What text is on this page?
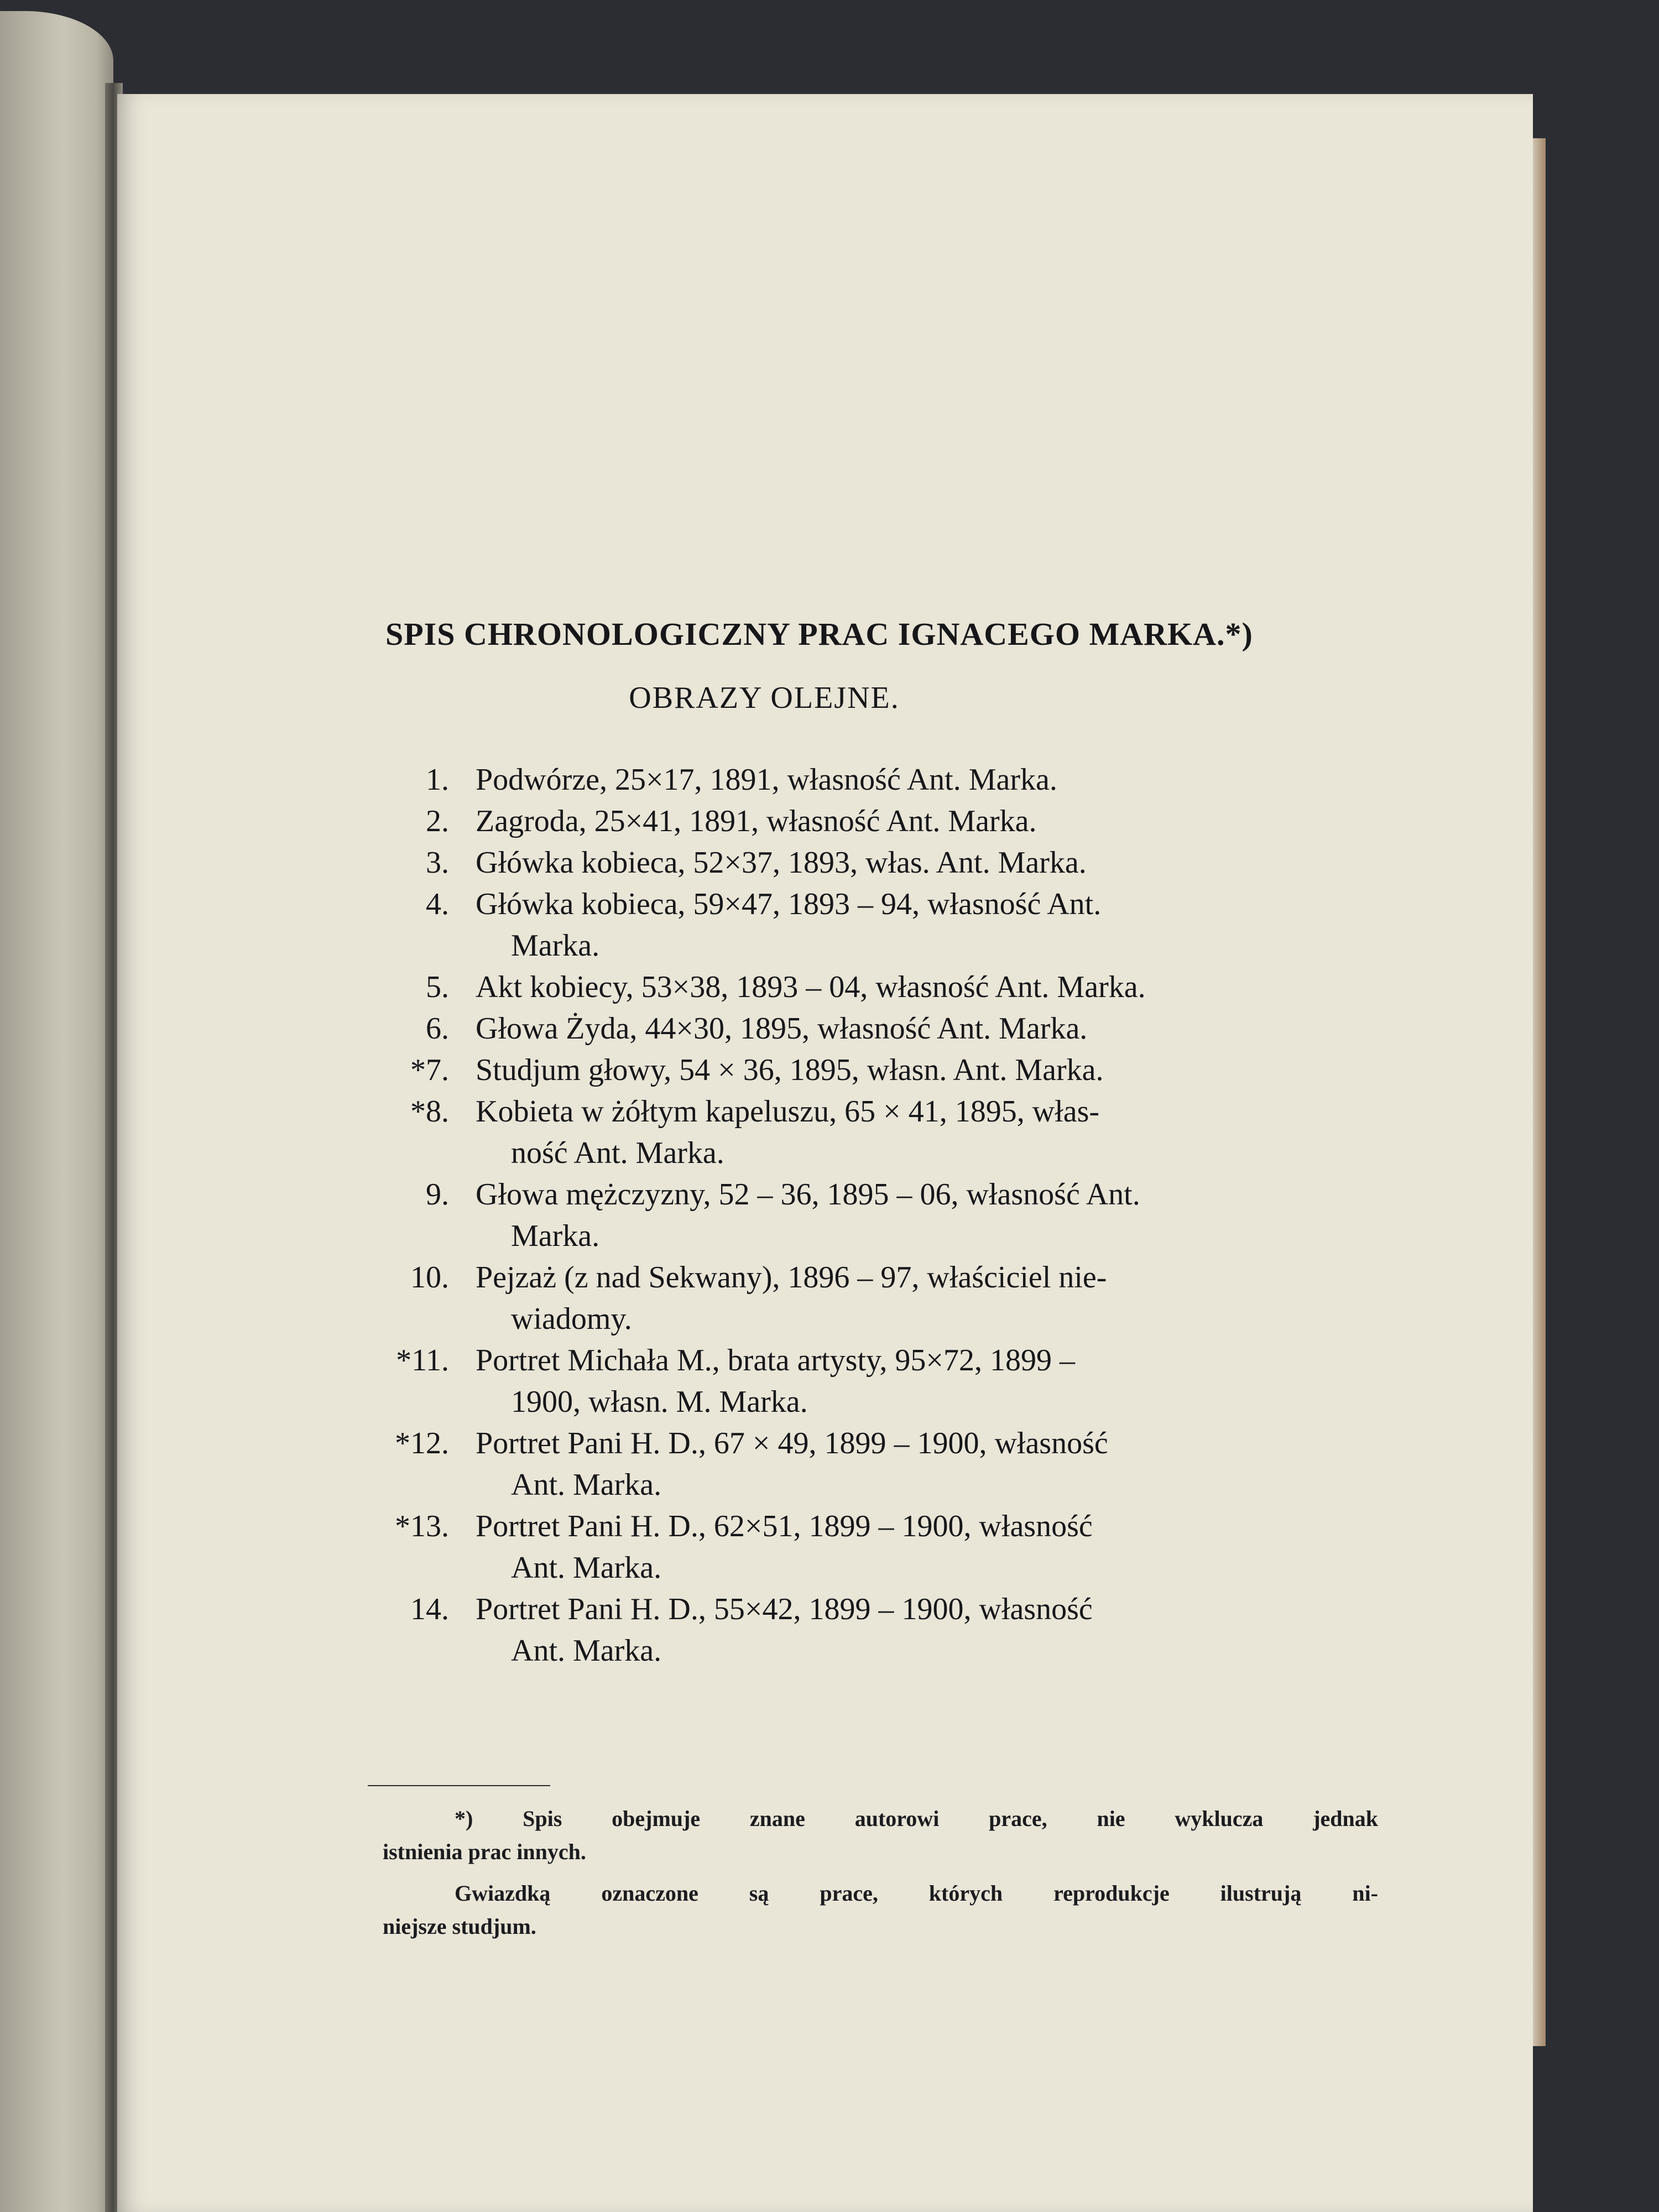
SPIS CHRONOLOGICZNY PRAC IGNACEGO MARKA.*)
OBRAZY OLEJNE.
1. Podwórze, 25×17, 1891, własność Ant. Marka.
2. Zagroda, 25×41, 1891, własność Ant. Marka.
3. Główka kobieca, 52×37, 1893, włas. Ant. Marka.
4. Główka kobieca, 59×47, 1893 – 94, własność Ant.
Marka.
5. Akt kobiecy, 53×38, 1893 – 04, własność Ant. Marka.
6. Głowa Żyda, 44×30, 1895, własność Ant. Marka.
*7. Studjum głowy, 54 × 36, 1895, własn. Ant. Marka.
*8. Kobieta w żółtym kapeluszu, 65 × 41, 1895, włas-
ność Ant. Marka.
9. Głowa mężczyzny, 52 – 36, 1895 – 06, własność Ant.
Marka.
10. Pejzaż (z nad Sekwany), 1896 – 97, właściciel nie-
wiadomy.
*11. Portret Michała M., brata artysty, 95×72, 1899 –
1900, własn. M. Marka.
*12. Portret Pani H. D., 67 × 49, 1899 – 1900, własność
Ant. Marka.
*13. Portret Pani H. D., 62×51, 1899 – 1900, własność
Ant. Marka.
14. Portret Pani H. D., 55×42, 1899 – 1900, własność
Ant. Marka.
*) Spis obejmuje znane autorowi prace, nie wyklucza jednak
istnienia prac innych.
Gwiazdką oznaczone są prace, których reprodukcje ilustrują ni-
niejsze studjum.
